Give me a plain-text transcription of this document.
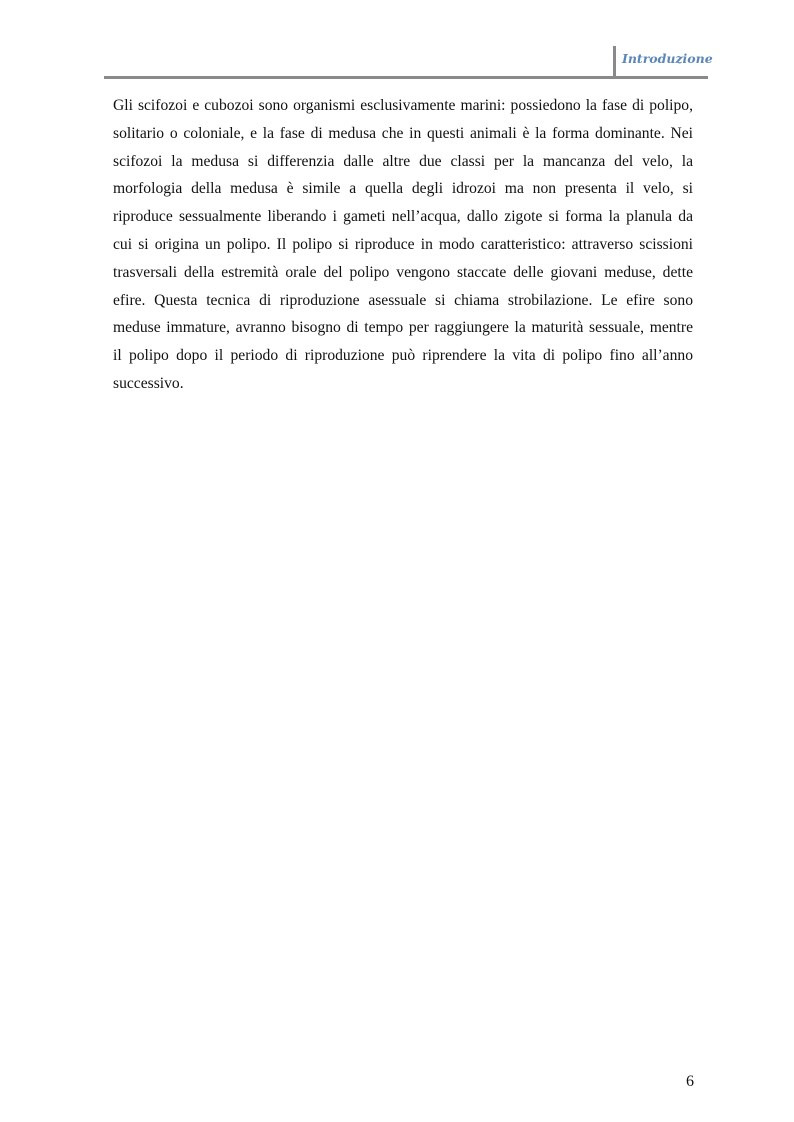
Introduzione

Gli scifozoi e cubozoi sono organismi esclusivamente marini: possiedono la fase di polipo,
solitario o coloniale, e la fase di medusa che in questi animali è la forma dominante. Nei
scifozoi la medusa si differenzia dalle altre due classi per la mancanza del velo, la
morfologia della medusa è simile a quella degli idrozoi ma non presenta il velo, si
riproduce sessualmente liberando i gameti nell’acqua, dallo zigote si forma la planula da
cui si origina un polipo. Il polipo si riproduce in modo caratteristico: attraverso scissioni
trasversali della estremità orale del polipo vengono staccate delle giovani meduse, dette
efire. Questa tecnica di riproduzione asessuale si chiama strobilazione. Le efire sono
meduse immature, avranno bisogno di tempo per raggiungere la maturità sessuale, mentre
il polipo dopo il periodo di riproduzione può riprendere la vita di polipo fino all’anno
successivo.

6
